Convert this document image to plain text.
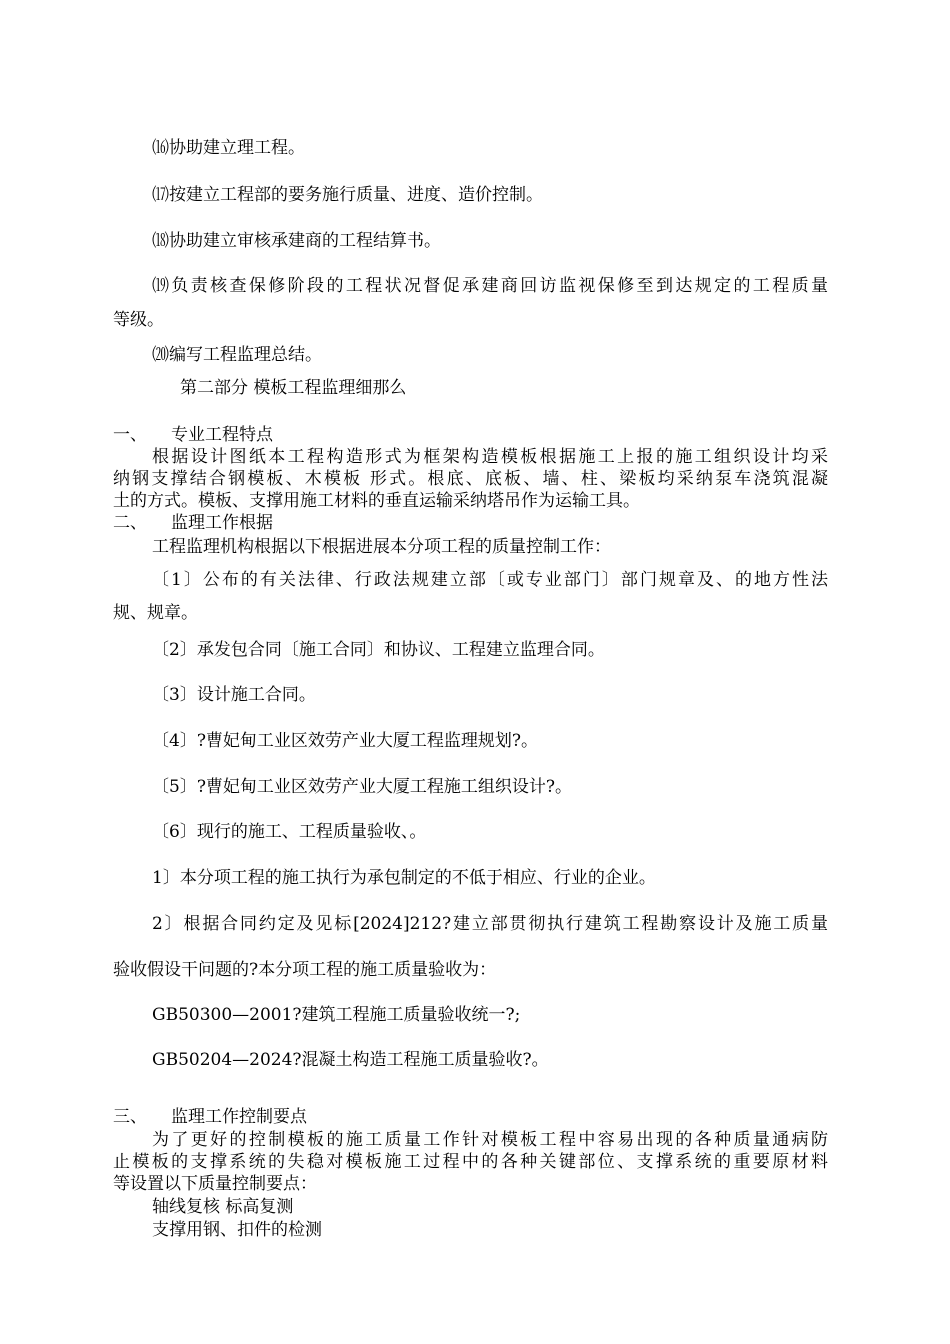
⒃协助建立理工程。

⒄按建立工程部的要务施行质量、进度、造价控制。

⒅协助建立审核承建商的工程结算书。

⒆负责核查保修阶段的工程状况督促承建商回访监视保修至到达规定的工程质量

等级。

⒇编写工程监理总结。

第二部分 模板工程监理细那么

一、 专业工程特点

根据设计图纸本工程构造形式为框架构造模板根据施工上报的施工组织设计均采

纳钢支撑结合钢模板、木模板 形式。根底、底板、墙、柱、梁板均采纳泵车浇筑混凝

土的方式。模板、支撑用施工材料的垂直运输采纳塔吊作为运输工具。

二、 监理工作根据

工程监理机构根据以下根据进展本分项工程的质量控制工作：

〔1〕公布的有关法律、行政法规建立部〔或专业部门〕部门规章及、的地方性法

规、规章。

〔2〕承发包合同〔施工合同〕和协议、工程建立监理合同。

〔3〕设计施工合同。

〔4〕?曹妃甸工业区效劳产业大厦工程监理规划?。

〔5〕?曹妃甸工业区效劳产业大厦工程施工组织设计?。

〔6〕现行的施工、工程质量验收、。

1〕本分项工程的施工执行为承包制定的不低于相应、行业的企业。

2〕根据合同约定及见标[2024]212?建立部贯彻执行建筑工程勘察设计及施工质量

验收假设干问题的?本分项工程的施工质量验收为：

GB50300—2001?建筑工程施工质量验收统一?;

GB50204—2024?混凝土构造工程施工质量验收?。

三、 监理工作控制要点

为了更好的控制模板的施工质量工作针对模板工程中容易出现的各种质量通病防

止模板的支撑系统的失稳对模板施工过程中的各种关键部位、支撑系统的重要原材料

等设置以下质量控制要点：

轴线复核 标高复测

支撑用钢、扣件的检测
